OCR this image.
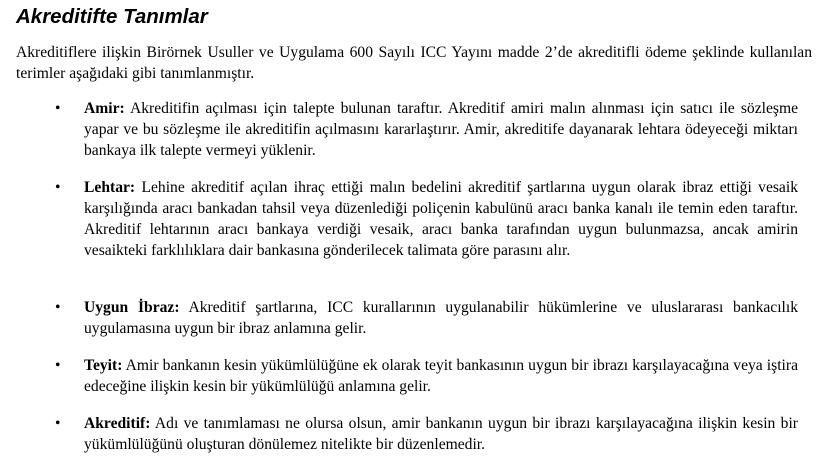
Akreditifte Tanımlar

Akreditiflere ilişkin Birörnek Usuller ve Uygulama 600 Sayılı ICC Yayını madde 2’de akreditifli ödeme şeklinde kullanılan terimler aşağıdaki gibi tanımlanmıştır.

• Amir: Akreditifin açılması için talepte bulunan taraftır. Akreditif amiri malın alınması için satıcı ile sözleşme yapar ve bu sözleşme ile akreditifin açılmasını kararlaştırır. Amir, akreditife dayanarak lehtara ödeyeceği miktarı bankaya ilk talepte vermeyi yüklenir.

• Lehtar: Lehine akreditif açılan ihraç ettiği malın bedelini akreditif şartlarına uygun olarak ibraz ettiği vesaik karşılığında aracı bankadan tahsil veya düzenlediği poliçenin kabulünü aracı banka kanalı ile temin eden taraftır. Akreditif lehtarının aracı bankaya verdiği vesaik, aracı banka tarafından uygun bulunmazsa, ancak amirin vesaikteki farklılıklara dair bankasına gönderilecek talimata göre parasını alır.

• Uygun İbraz: Akreditif şartlarına, ICC kurallarının uygulanabilir hükümlerine ve uluslararası bankacılık uygulamasına uygun bir ibraz anlamına gelir.

• Teyit: Amir bankanın kesin yükümlülüğüne ek olarak teyit bankasının uygun bir ibrazı karşılayacağına veya iştira edeceğine ilişkin kesin bir yükümlülüğü anlamına gelir.

• Akreditif: Adı ve tanımlaması ne olursa olsun, amir bankanın uygun bir ibrazı karşılayacağına ilişkin kesin bir yükümlülüğünü oluşturan dönülemez nitelikte bir düzenlemedir.
